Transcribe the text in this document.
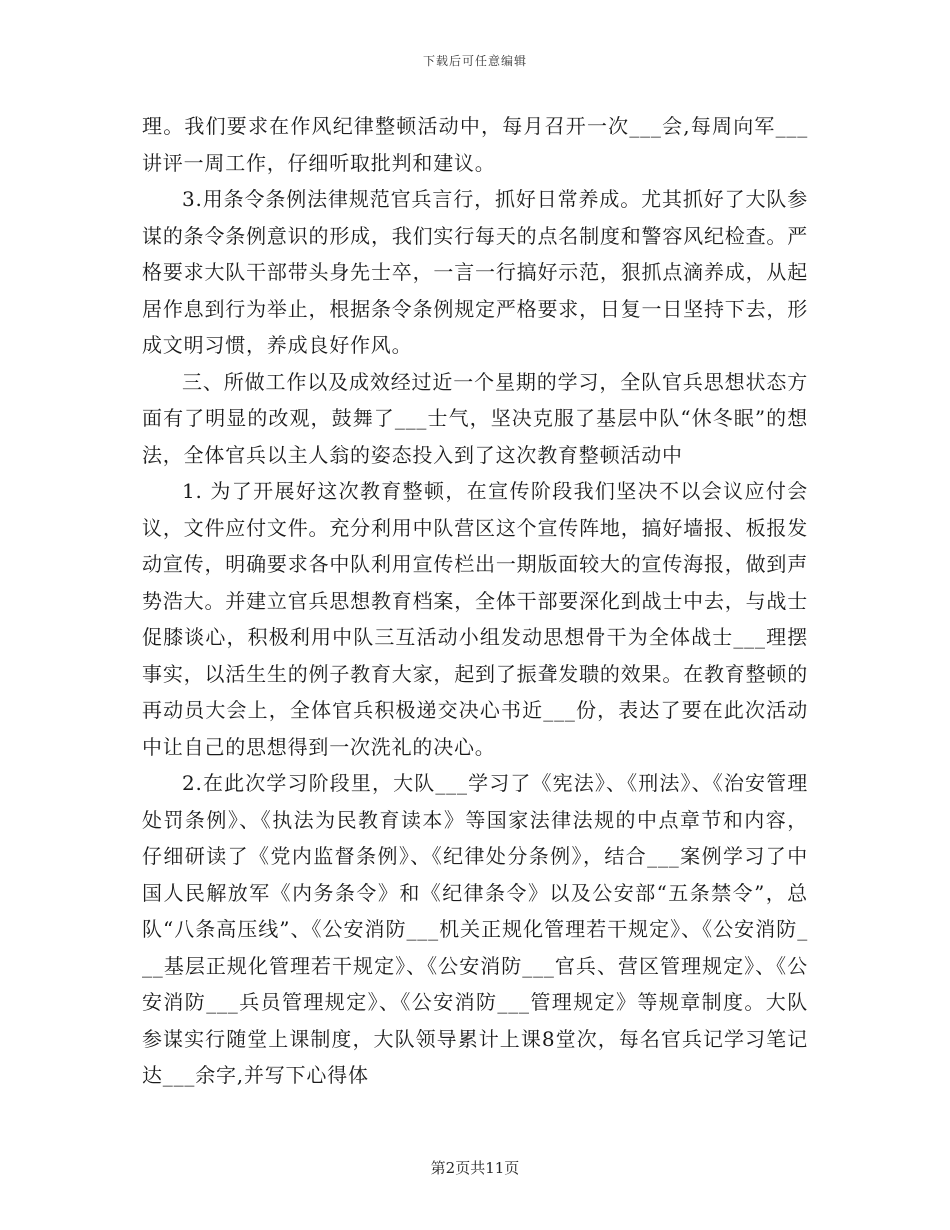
下载后可任意编辑

理。我们要求在作风纪律整顿活动中，每月召开一次___会,每周向军___讲评一周工作，仔细听取批判和建议。

3.用条令条例法律规范官兵言行，抓好日常养成。尤其抓好了大队参谋的条令条例意识的形成，我们实行每天的点名制度和警容风纪检查。严格要求大队干部带头身先士卒，一言一行搞好示范，狠抓点滴养成，从起居作息到行为举止，根据条令条例规定严格要求，日复一日坚持下去，形成文明习惯，养成良好作风。

三、所做工作以及成效经过近一个星期的学习，全队官兵思想状态方面有了明显的改观，鼓舞了___士气，坚决克服了基层中队“休冬眠”的想法，全体官兵以主人翁的姿态投入到了这次教育整顿活动中

1. 为了开展好这次教育整顿，在宣传阶段我们坚决不以会议应付会议，文件应付文件。充分利用中队营区这个宣传阵地，搞好墙报、板报发动宣传，明确要求各中队利用宣传栏出一期版面较大的宣传海报，做到声势浩大。并建立官兵思想教育档案，全体干部要深化到战士中去，与战士促膝谈心，积极利用中队三互活动小组发动思想骨干为全体战士___理摆事实，以活生生的例子教育大家，起到了振聋发聩的效果。在教育整顿的再动员大会上，全体官兵积极递交决心书近___份，表达了要在此次活动中让自己的思想得到一次洗礼的决心。

2.在此次学习阶段里，大队___学习了《宪法》、《刑法》、《治安管理处罚条例》、《执法为民教育读本》等国家法律法规的中点章节和内容，仔细研读了《党内监督条例》、《纪律处分条例》，结合___案例学习了中国人民解放军《内务条令》和《纪律条令》以及公安部“五条禁令”，总队“八条高压线”、《公安消防___机关正规化管理若干规定》、《公安消防___基层正规化管理若干规定》、《公安消防___官兵、营区管理规定》、《公安消防___兵员管理规定》、《公安消防___管理规定》等规章制度。大队参谋实行随堂上课制度，大队领导累计上课8堂次，每名官兵记学习笔记达___余字,并写下心得体

第2页共11页
